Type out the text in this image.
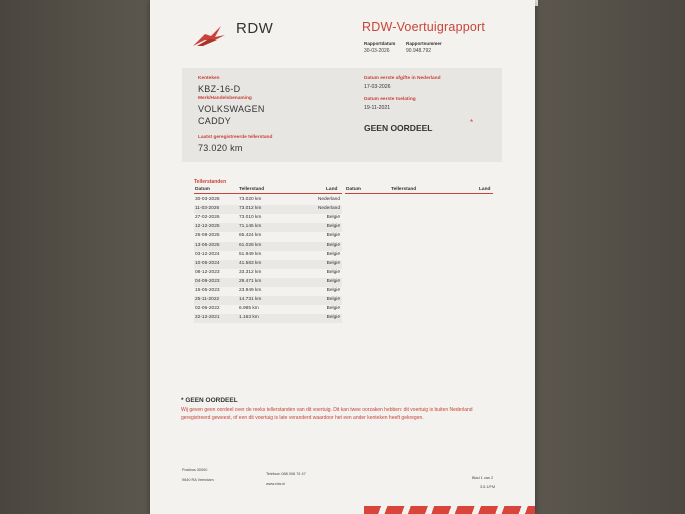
RDW	RDW-Voertuigrapport
Rapportdatum Rapportnummer
30-03-2026	90.948.792
Kenteken
KBZ-16-D
Merk/Handelsbenaming
VOLKSWAGEN
CADDY
Laatst geregistreerde tellerstand
73.020 km
Datum eerste afgifte in Nederland
17-03-2026
Datum eerste toelating
19-11-2021
GEEN OORDEEL
*
Tellerstanden
Datum	Tellerstand	Land Datum	Tellerstand	Land
30-03-2026	73.020 km	Nederland
11-03-2026	73.012 km	Nederland
27-02-2026	73.010 km	België
12-12-2025	71.145 km	België
26-08-2025	65.424 km	België
13-06-2025	61.028 km	België
03-12-2024	51.949 km	België
10-05-2024	41.583 km	België
08-12-2023	33.312 km	België
04-09-2023	29.471 km	België
15-05-2023	23.949 km	België
25-11-2022	14.731 km	België
02-06-2022	6.985 km	België
22-12-2021	1.163 km	België
* GEEN OORDEEL
Wij geven geen oordeel over de reeks tellerstanden van dit voertuig. Dit kan twee oorzaken hebben: dit voertuig is buiten Nederland geregistreerd geweest, of een dit voertuig is late veranderd waardoor het een ander kenteken heeft gekregen.
Postbus 30000
9640 RA Veendam
Telefoon 088 008 74 47
www.rdw.nl
Blad 1 van 2
3.5.1/FM
